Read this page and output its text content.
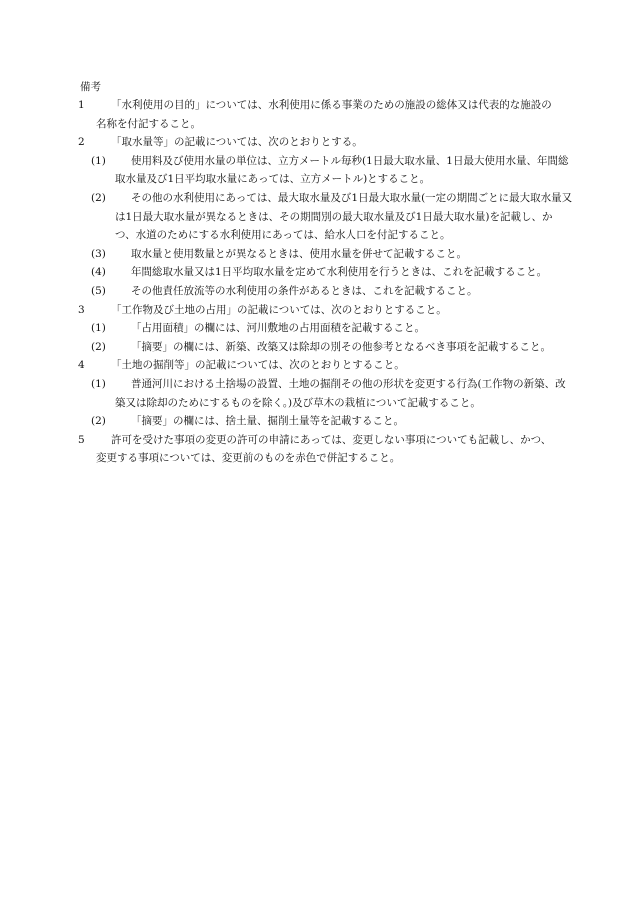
備考
1	「水利使用の目的」については、水利使用に係る事業のための施設の総体又は代表的な施設の名称を付記すること。
2	「取水量等」の記載については、次のとおりとする。
(1) 使用料及び使用水量の単位は、立方メートル毎秒(1日最大取水量、1日最大使用水量、年間総取水量及び1日平均取水量にあっては、立方メートル)とすること。
(2) その他の水利使用にあっては、最大取水量及び1日最大取水量(一定の期間ごとに最大取水量又は1日最大取水量が異なるときは、その期間別の最大取水量及び1日最大取水量)を記載し、かつ、水道のためにする水利使用にあっては、給水人口を付記すること。
(3) 取水量と使用数量とが異なるときは、使用水量を併せて記載すること。
(4) 年間総取水量又は1日平均取水量を定めて水利使用を行うときは、これを記載すること。
(5) その他責任放流等の水利使用の条件があるときは、これを記載すること。
3	「工作物及び土地の占用」の記載については、次のとおりとすること。
(1) 「占用面積」の欄には、河川敷地の占用面積を記載すること。
(2) 「摘要」の欄には、新築、改築又は除却の別その他参考となるべき事項を記載すること。
4	「土地の掘削等」の記載については、次のとおりとすること。
(1) 普通河川における土捨場の設置、土地の掘削その他の形状を変更する行為(工作物の新築、改築又は除却のためにするものを除く。)及び草木の栽植について記載すること。
(2) 「摘要」の欄には、捨土量、掘削土量等を記載すること。
5	許可を受けた事項の変更の許可の申請にあっては、変更しない事項についても記載し、かつ、変更する事項については、変更前のものを赤色で併記すること。
